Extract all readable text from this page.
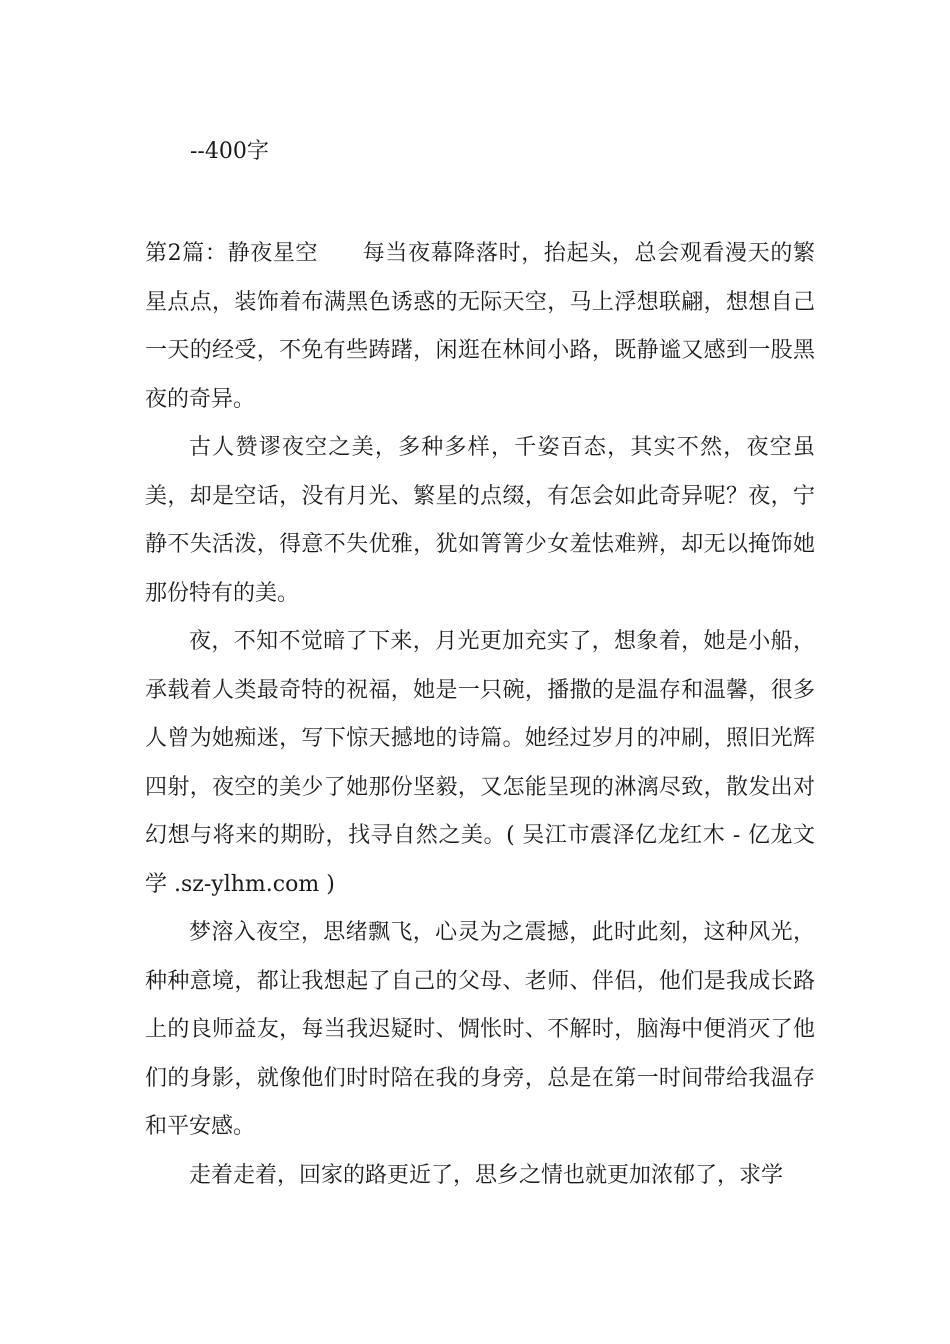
--400字

第2篇：静夜星空 每当夜幕降落时，抬起头，总会观看漫天的繁星点点，装饰着布满黑色诱惑的无际天空，马上浮想联翩，想想自己一天的经受，不免有些踌躇，闲逛在林间小路，既静谧又感到一股黑夜的奇异。

古人赞谬夜空之美，多种多样，千姿百态，其实不然，夜空虽美，却是空话，没有月光、繁星的点缀，有怎会如此奇异呢？夜，宁静不失活泼，得意不失优雅，犹如箐箐少女羞怯难辨，却无以掩饰她那份特有的美。

夜，不知不觉暗了下来，月光更加充实了，想象着，她是小船，承载着人类最奇特的祝福，她是一只碗，播撒的是温存和温馨，很多人曾为她痴迷，写下惊天撼地的诗篇。她经过岁月的冲刷，照旧光辉四射，夜空的美少了她那份坚毅，又怎能呈现的淋漓尽致，散发出对幻想与将来的期盼，找寻自然之美。( 吴江市震泽亿龙红木 - 亿龙文学 .sz-ylhm.com )

梦溶入夜空，思绪飘飞，心灵为之震撼，此时此刻，这种风光，种种意境，都让我想起了自己的父母、老师、伴侣，他们是我成长路上的良师益友，每当我迟疑时、惆怅时、不解时，脑海中便消灭了他们的身影，就像他们时时陪在我的身旁，总是在第一时间带给我温存和平安感。

走着走着，回家的路更近了，思乡之情也就更加浓郁了，求学
